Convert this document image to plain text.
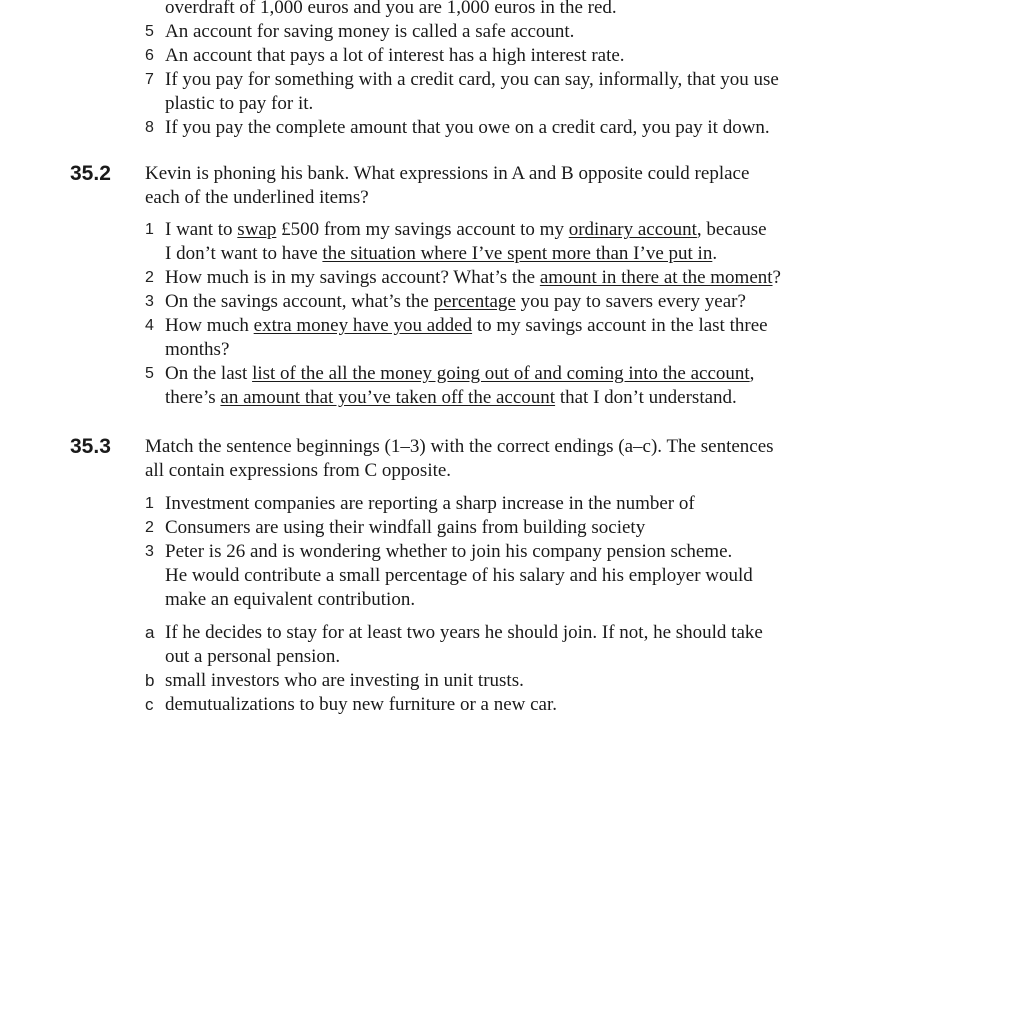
overdraft of 1,000 euros and you are 1,000 euros in the red.
5 An account for saving money is called a safe account.
6 An account that pays a lot of interest has a high interest rate.
7 If you pay for something with a credit card, you can say, informally, that you use
plastic to pay for it.
8 If you pay the complete amount that you owe on a credit card, you pay it down.
35.2 Kevin is phoning his bank. What expressions in A and B opposite could replace
each of the underlined items?
1 I want to swap £500 from my savings account to my ordinary account, because
I don’t want to have the situation where I’ve spent more than I’ve put in.
2 How much is in my savings account? What’s the amount in there at the moment?
3 On the savings account, what’s the percentage you pay to savers every year?
4 How much extra money have you added to my savings account in the last three
months?
5 On the last list of the all the money going out of and coming into the account,
there’s an amount that you’ve taken off the account that I don’t understand.
35.3 Match the sentence beginnings (1–3) with the correct endings (a–c). The sentences
all contain expressions from C opposite.
1 Investment companies are reporting a sharp increase in the number of
2 Consumers are using their windfall gains from building society
3 Peter is 26 and is wondering whether to join his company pension scheme.
He would contribute a small percentage of his salary and his employer would
make an equivalent contribution.
a If he decides to stay for at least two years he should join. If not, he should take
out a personal pension.
b small investors who are investing in unit trusts.
c demutualizations to buy new furniture or a new car.
